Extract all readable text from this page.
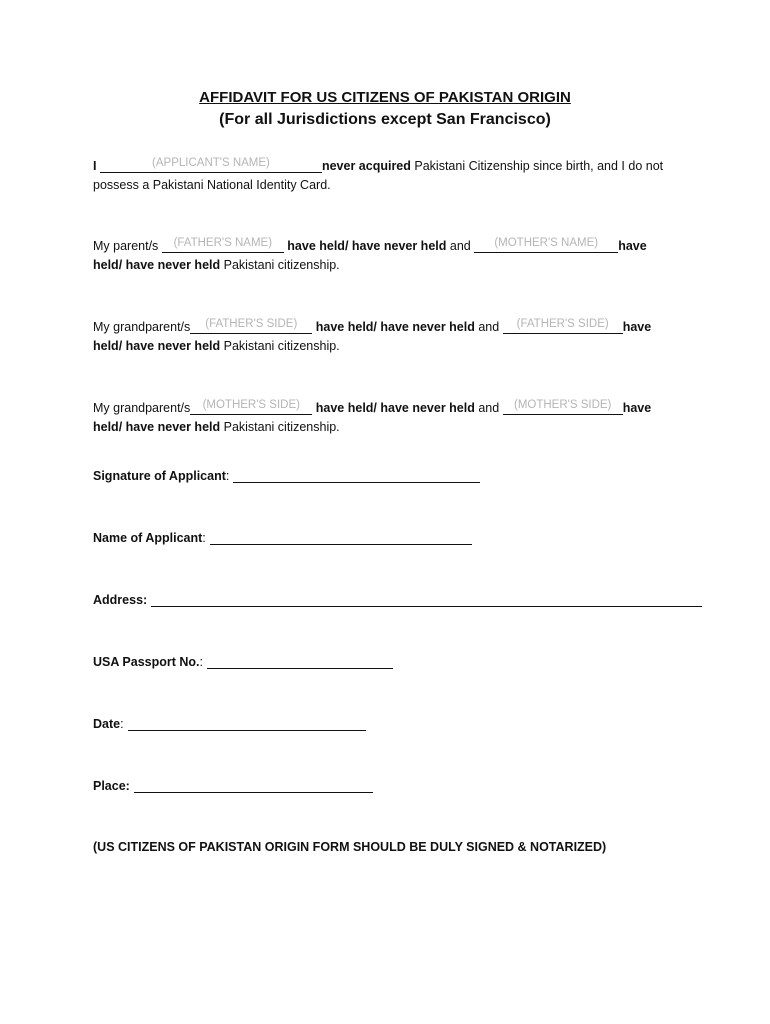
AFFIDAVIT FOR US CITIZENS OF PAKISTAN ORIGIN
(For all Jurisdictions except San Francisco)

I	(APPLICANT'S NAME)	never acquired Pakistani Citizenship since birth, and I do not possess a Pakistani National Identity Card.

My parent/s	(FATHER'S NAME)	have held/ have never held and	(MOTHER'S NAME)	have held/ have never held Pakistani citizenship.

My grandparent/s	(FATHER'S SIDE)	have held/ have never held and	(FATHER'S SIDE)	have held/ have never held Pakistani citizenship.

My grandparent/s	(MOTHER'S SIDE)	have held/ have never held and (MOTHER'S SIDE) have held/ have never held Pakistani citizenship.

Signature of Applicant :
Name of Applicant :
Address:
USA Passport No. :
Date :
Place:

(US CITIZENS OF PAKISTAN ORIGIN FORM SHOULD BE DULY SIGNED & NOTARIZED)
